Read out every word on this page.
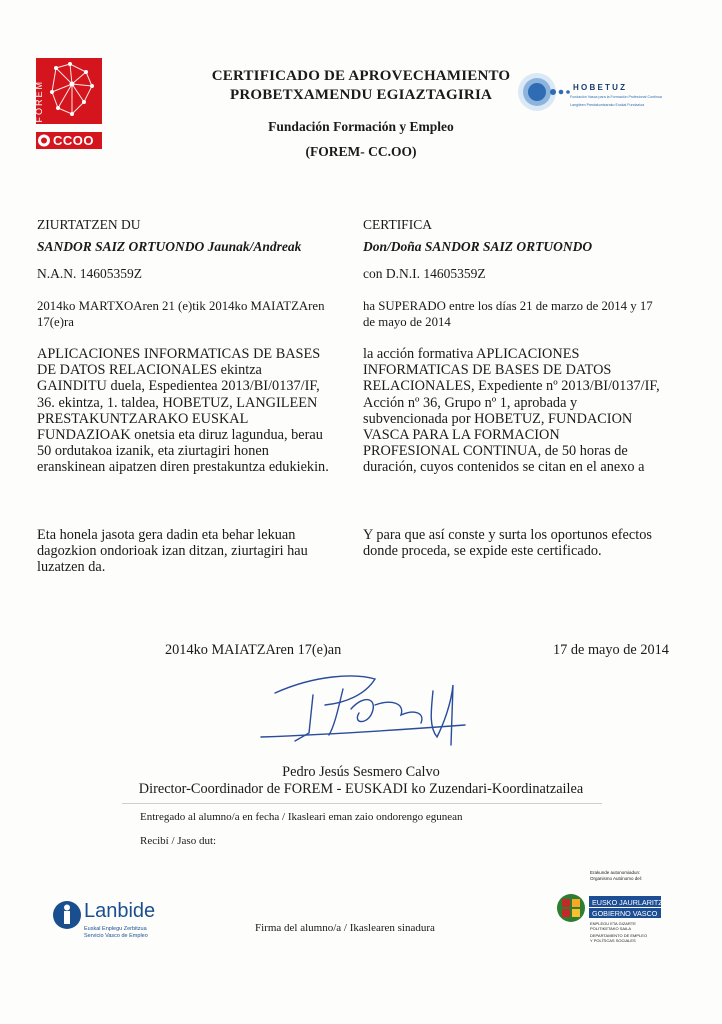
FOREM
CCOO
CERTIFICADO DE APROVECHAMIENTO
PROBETXAMENDU EGIAZTAGIRIA
Fundación Formación y Empleo
(FOREM- CC.OO)
H O B E T U Z
Fundación Vasca para la Formación Profesional Continua
Langileen Prestakuntzarako Euskal Fundazioa
ZIURTATZEN DU
SANDOR SAIZ ORTUONDO Jaunak/Andreak
N.A.N. 14605359Z
2014ko MARTXOAren 21 (e)tik 2014ko MAIATZAren
17(e)ra
APLICACIONES INFORMATICAS DE BASES
DE DATOS RELACIONALES ekintza
GAINDITU duela, Espedientea 2013/BI/0137/IF,
36. ekintza, 1. taldea, HOBETUZ, LANGILEEN
PRESTAKUNTZARAKO EUSKAL
FUNDAZIOAK onetsia eta diruz lagundua, berau
50 ordutakoa izanik, eta ziurtagiri honen
eranskinean aipatzen diren prestakuntza edukiekin.
Eta honela jasota gera dadin eta behar lekuan
dagozkion ondorioak izan ditzan, ziurtagiri hau
luzatzen da.
2014ko MAIATZAren 17(e)an
CERTIFICA
Don/Doña SANDOR SAIZ ORTUONDO
con D.N.I. 14605359Z
ha SUPERADO entre los días 21 de marzo de 2014 y 17
de mayo de 2014
la acción formativa APLICACIONES
INFORMATICAS DE BASES DE DATOS
RELACIONALES, Expediente nº 2013/BI/0137/IF,
Acción nº 36, Grupo nº 1, aprobada y
subvencionada por HOBETUZ, FUNDACION
VASCA PARA LA FORMACION
PROFESIONAL CONTINUA, de 50 horas de
duración, cuyos contenidos se citan en el anexo a
Y para que así conste y surta los oportunos efectos
donde proceda, se expide este certificado.
17 de mayo de 2014
Pedro Jesús Sesmero Calvo
Director-Coordinador de FOREM - EUSKADI ko Zuzendari-Koordinatzailea
Entregado al alumno/a en fecha / Ikasleari eman zaio ondorengo egunean
Recibí / Jaso dut:
Lanbide
Euskal Enplegu Zerbitzua
Servicio Vasco de Empleo
Firma del alumno/a / Ikaslearen sinadura
Erakunde autonomiadun:
Organismo Autónomo del:
EUSKO JAURLARITZA
GOBIERNO VASCO
ENPLEGU ETA GIZARTE
POLITIKETAKO SAILA
DEPARTAMENTO DE EMPLEO
Y POLÍTICAS SOCIALES
